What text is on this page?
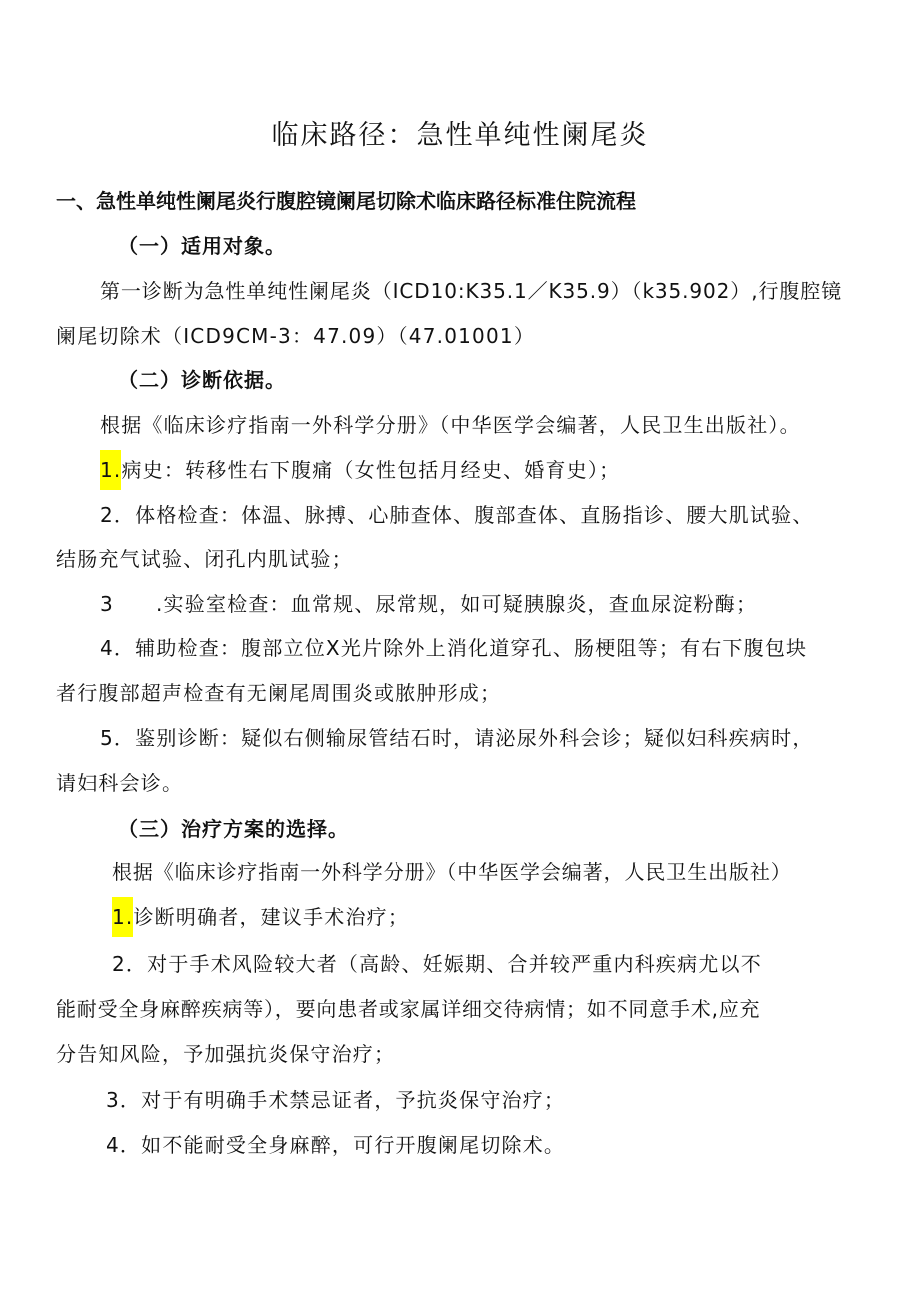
临床路径：急性单纯性阑尾炎
一、急性单纯性阑尾炎行腹腔镜阑尾切除术临床路径标准住院流程
（一）适用对象。
第一诊断为急性单纯性阑尾炎（ICD10:K35.1／K35.9）（k35.902）,行腹腔镜
阑尾切除术（ICD9CM-3：47.09）（47.01001）
（二）诊断依据。
根据《临床诊疗指南一外科学分册》（中华医学会编著，人民卫生出版社）。
1.病史：转移性右下腹痛（女性包括月经史、婚育史）；
2．体格检查：体温、脉搏、心肺查体、腹部查体、直肠指诊、腰大肌试验、
结肠充气试验、闭孔内肌试验；
3 .实验室检查：血常规、尿常规，如可疑胰腺炎，查血尿淀粉酶；
4．辅助检查：腹部立位X光片除外上消化道穿孔、肠梗阻等；有右下腹包块
者行腹部超声检查有无阑尾周围炎或脓肿形成；
5．鉴别诊断：疑似右侧输尿管结石时，请泌尿外科会诊；疑似妇科疾病时，
请妇科会诊。
（三）治疗方案的选择。
根据《临床诊疗指南一外科学分册》（中华医学会编著，人民卫生出版社）
1.诊断明确者，建议手术治疗；
2．对于手术风险较大者（高龄、妊娠期、合并较严重内科疾病尤以不
能耐受全身麻醉疾病等），要向患者或家属详细交待病情；如不同意手术,应充
分告知风险，予加强抗炎保守治疗；
3．对于有明确手术禁忌证者，予抗炎保守治疗；
4．如不能耐受全身麻醉，可行开腹阑尾切除术。
